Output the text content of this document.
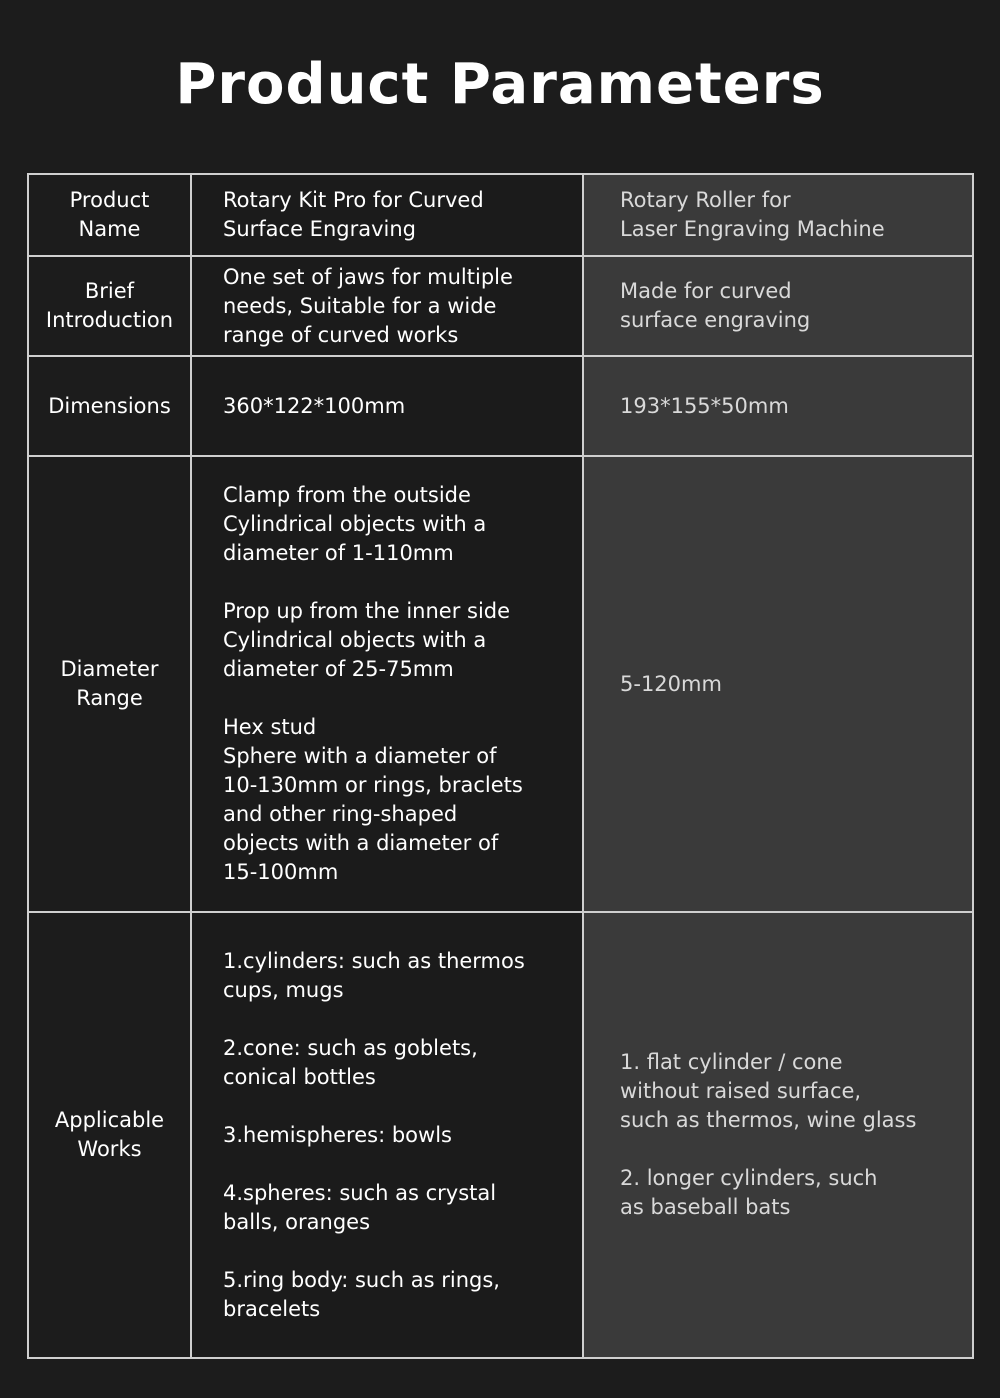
Product Parameters

Product
Name

Rotary Kit Pro for Curved
Surface Engraving

Rotary Roller for
Laser Engraving Machine

Brief
Introduction

One set of jaws for multiple
needs, Suitable for a wide
range of curved works

Made for curved
surface engraving

Dimensions 360*122*100mm	193*155*50mm

Diameter
Range

Clamp from the outside
Cylindrical objects with a
diameter of 1-110mm

Prop up from the inner side
Cylindrical objects with a
diameter of 25-75mm

Hex stud
Sphere with a diameter of
10-130mm or rings, braclets
and other ring-shaped
objects with a diameter of
15-100mm

5-120mm

Applicable
Works

1.cylinders: such as thermos
cups, mugs

2.cone: such as goblets,
conical bottles

3.hemispheres: bowls

4.spheres: such as crystal
balls, oranges

5.ring body: such as rings,
bracelets

1. flat cylinder / cone
without raised surface,
such as thermos, wine glass

2. longer cylinders, such
as baseball bats
